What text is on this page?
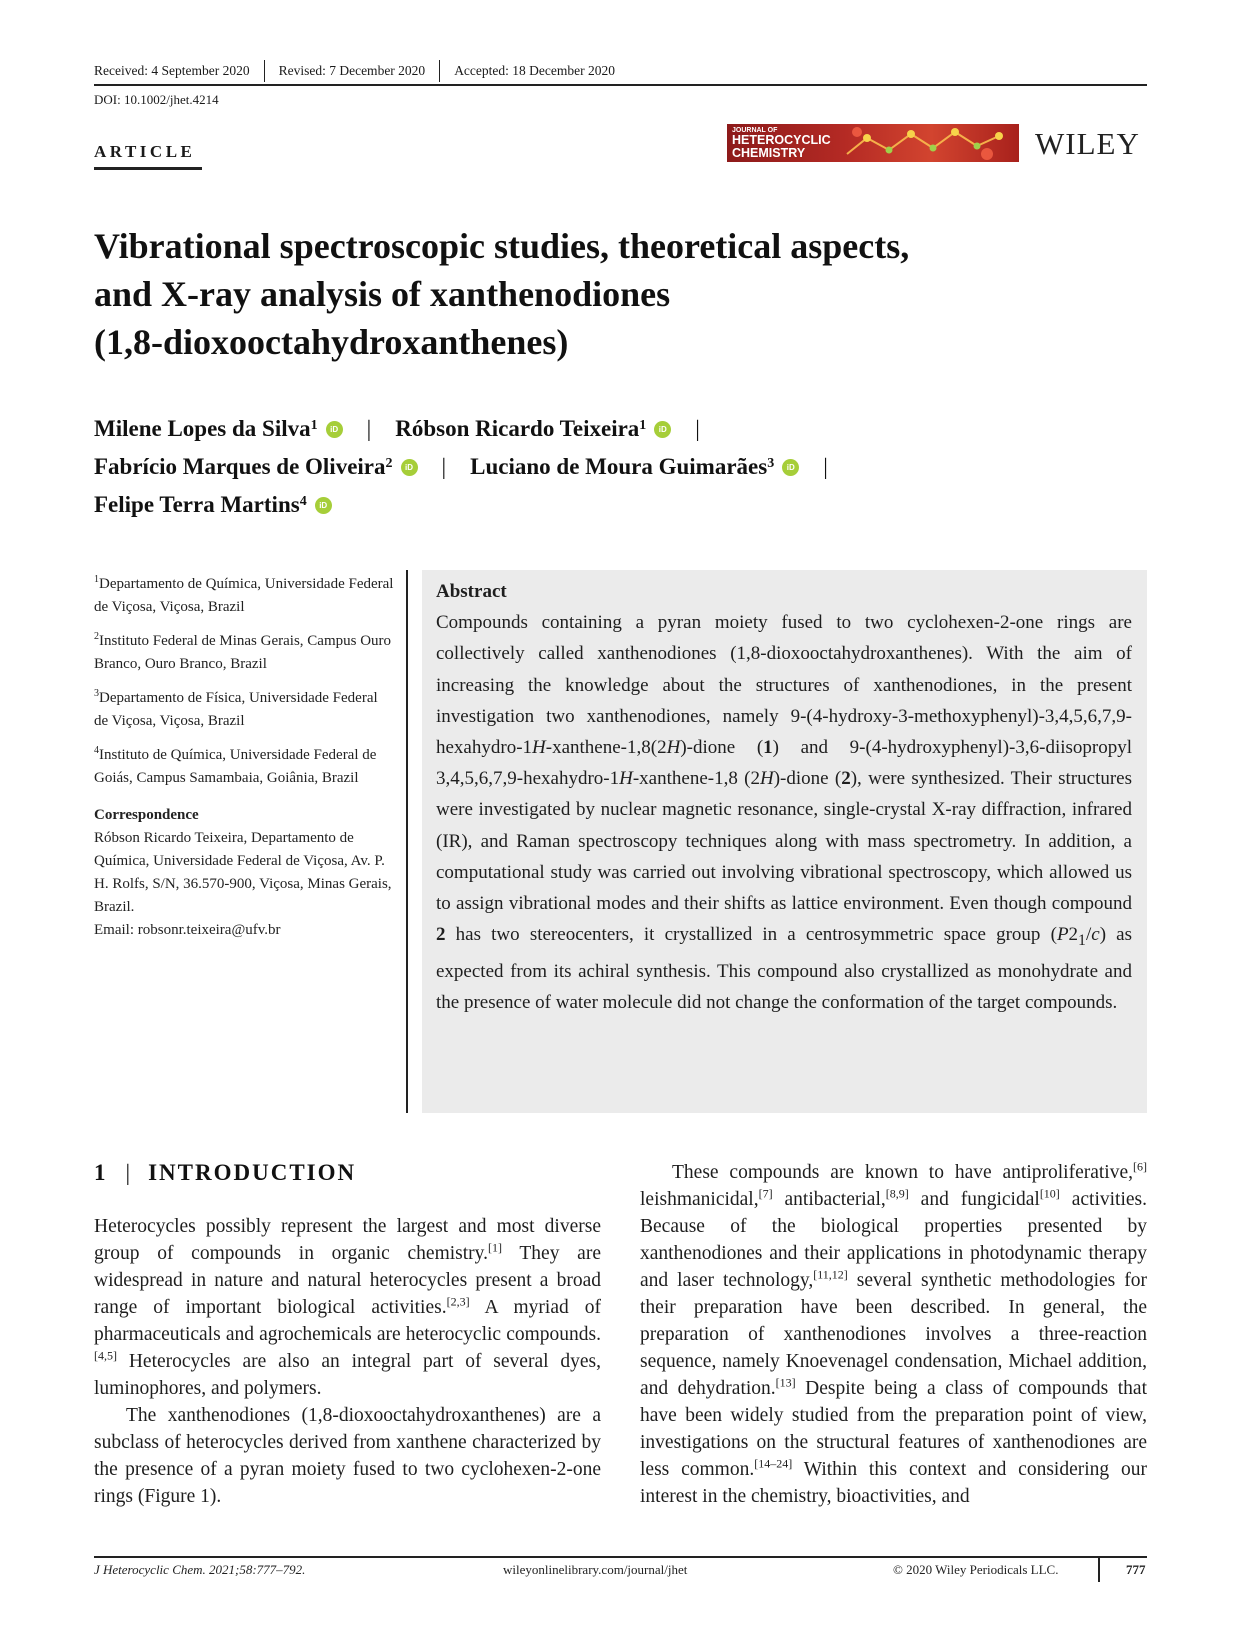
Received: 4 September 2020	Revised: 7 December 2020	Accepted: 18 December 2020
DOI: 10.1002/jhet.4214
ARTICLE
JOURNAL OF
HETEROCYCLIC
CHEMISTRY	WILEY
Vibrational spectroscopic studies, theoretical aspects,
and X-ray analysis of xanthenodiones
(1,8-dioxooctahydroxanthenes)
Milene Lopes da Silva$^1$	iD | Róbson Ricardo Teixeira$^1$	iD |
Fabrício Marques de Oliveira$^2$	iD | Luciano de Moura Guimarães$^3$	iD |
Felipe Terra Martins$^4$	iD

$^1$Departamento de Química, Universidade Federal de Viçosa, Viçosa, Brazil

$^2$Instituto Federal de Minas Gerais, Campus Ouro Branco, Ouro Branco, Brazil

$^3$Departamento de Física, Universidade Federal de Viçosa, Viçosa, Brazil

$^4$Instituto de Química, Universidade Federal de Goiás, Campus Samambaia, Goiânia, Brazil

Correspondence

Róbson Ricardo Teixeira, Departamento de Química, Universidade Federal de Viçosa, Av. P. H. Rolfs, S/N, 36.570-900, Viçosa, Minas Gerais, Brazil.
Email: robsonr.teixeira@ufv.br

Abstract
Compounds containing a pyran moiety fused to two cyclohexen-2-one rings are collectively called xanthenodiones (1,8-dioxooctahydroxanthenes). With the aim of increasing the knowledge about the structures of xanthenodiones, in the present investigation two xanthenodiones, namely 9-(4-hydroxy-3-methoxyphenyl)-3,4,5,6,7,9-hexahydro-1H-xanthene-1,8(2H)-dione (1) and 9-(4-hydroxyphenyl)-3,6-diisopropyl 3,4,5,6,7,9-hexahydro-1H-xanthene-1,8 (2H)-dione (2), were synthesized. Their structures were investigated by nuclear magnetic resonance, single-crystal X-ray diffraction, infrared (IR), and Raman spectroscopy techniques along with mass spectrometry. In addition, a computational study was carried out involving vibrational spectroscopy, which allowed us to assign vibrational modes and their shifts as lattice environment. Even though compound 2 has two stereocenters, it crystallized in a centrosymmetric space group $(P2_1/c)$ as expected from its achiral synthesis. This compound also crystallized as monohydrate and the presence of water molecule did not change the conformation of the target compounds.
1 | INTRODUCTION

Heterocycles possibly represent the largest and most diverse group of compounds in organic chemistry.[1] They are widespread in nature and natural heterocycles present a broad range of important biological activities.[2,3] A myriad of pharmaceuticals and agrochemicals are heterocyclic compounds.[4,5] Heterocycles are also an integral part of several dyes, luminophores, and polymers.

The xanthenodiones (1,8-dioxooctahydroxanthenes) are a subclass of heterocycles derived from xanthene characterized by the presence of a pyran moiety fused to two cyclohexen-2-one rings (Figure 1).

These compounds are known to have antiproliferative,[6] leishmanicidal,[7] antibacterial,[8,9] and fungicidal[10] activities. Because of the biological properties presented by xanthenodiones and their applications in photodynamic therapy and laser technology,[11,12] several synthetic methodologies for their preparation have been described. In general, the preparation of xanthenodiones involves a three-reaction sequence, namely Knoevenagel condensation, Michael addition, and dehydration.[13] Despite being a class of compounds that have been widely studied from the preparation point of view, investigations on the structural features of xanthenodiones are less common.[14–24] Within this context and considering our interest in the chemistry, bioactivities, and

J Heterocyclic Chem. 2021;58:777–792.	wileyonlinelibrary.com/journal/jhet	© 2020 Wiley Periodicals LLC.	777
